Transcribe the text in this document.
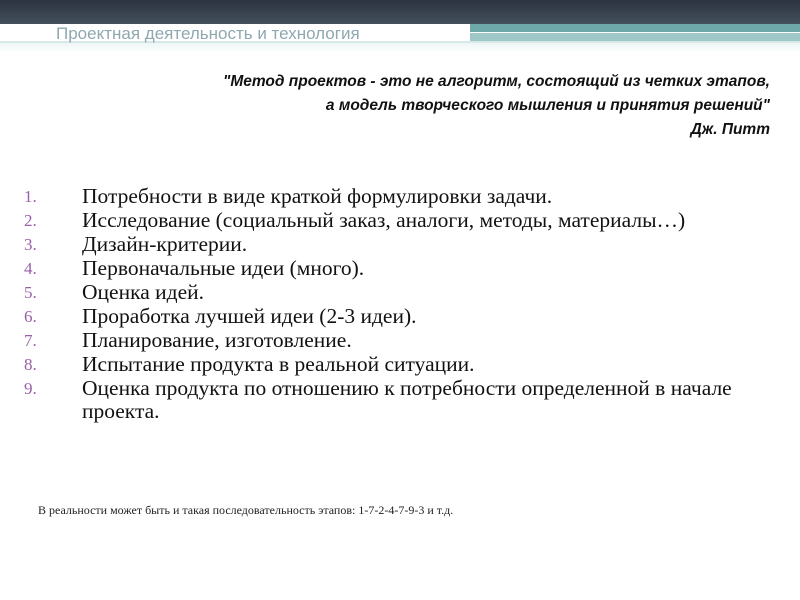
Проектная деятельность и технология
"Метод проектов - это не алгоритм, состоящий из четких этапов,
а модель творческого мышления и принятия решений"
Дж. Питт
1.	Потребности в виде краткой формулировки задачи.
2.	Исследование (социальный заказ, аналоги, методы, материалы…)
3.	Дизайн-критерии.
4.	Первоначальные идеи (много).
5.	Оценка идей.
6.	Проработка лучшей идеи (2-3 идеи).
7.	Планирование, изготовление.
8.	Испытание продукта в реальной ситуации.
9.	Оценка продукта по отношению к потребности определенной в начале проекта.

В реальности может быть и такая последовательность этапов: 1-7-2-4-7-9-3 и т.д.
